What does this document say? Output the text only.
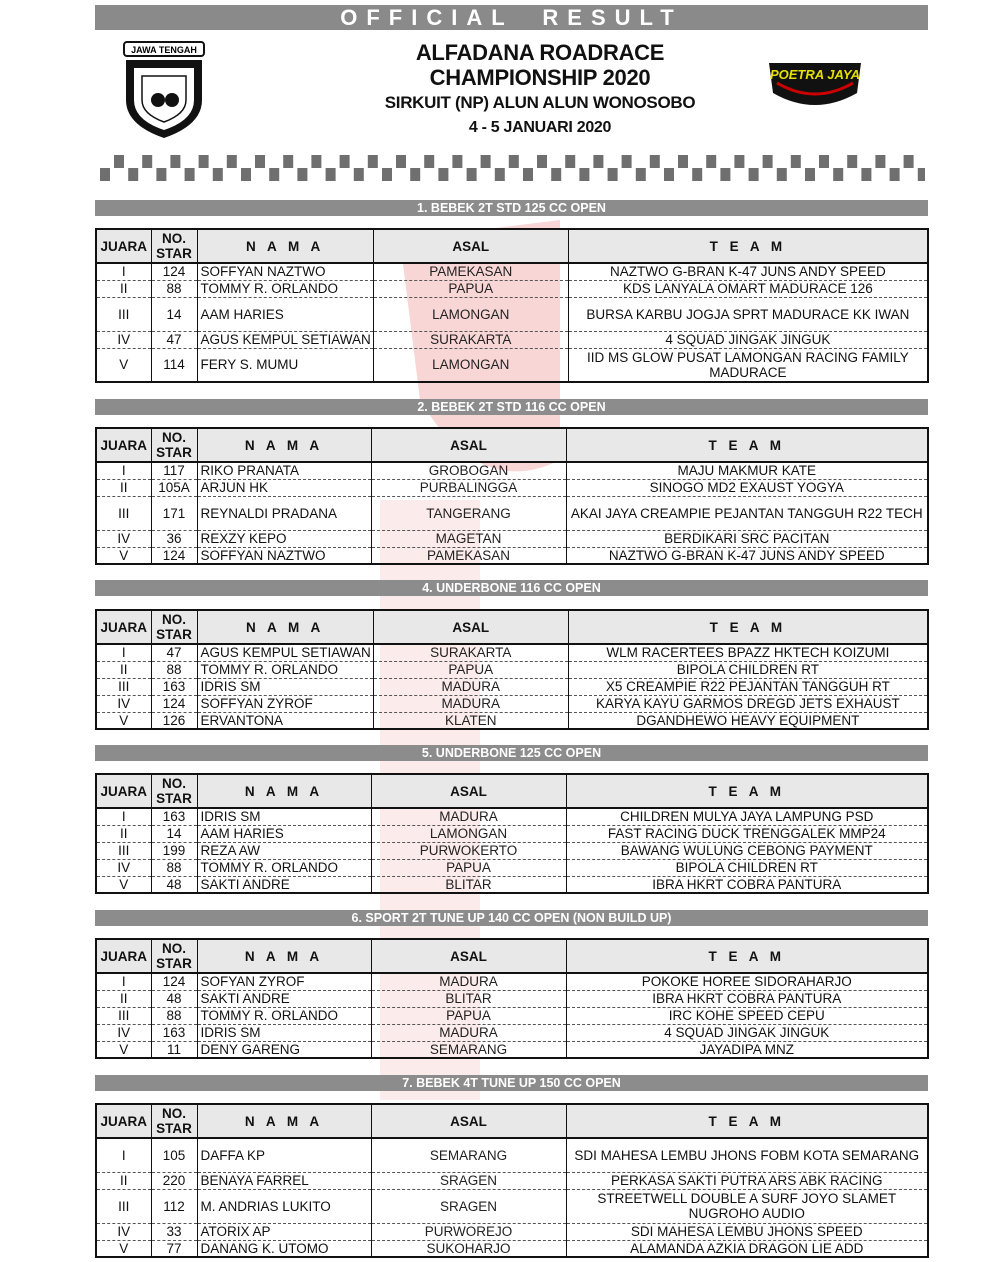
OFFICIAL RESULT
JAWA TENGAH	ALFADANA ROADRACE
CHAMPIONSHIP 2020
SIRKUIT (NP) ALUN ALUN WONOSOBO
4 - 5 JANUARI 2020
POETRA JAYA
1. BEBEK 2T STD 125 CC OPEN
JUARA	NO. STAR	N A M A	ASAL	T E A M
I	124	SOFFYAN NAZTWO	PAMEKASAN	NAZTWO G-BRAN K-47 JUNS ANDY SPEED
II	88	TOMMY R. ORLANDO	PAPUA	KDS LANYALA OMART MADURACE 126
III	14	AAM HARIES	LAMONGAN	BURSA KARBU JOGJA SPRT MADURACE KK IWAN
IV	47	AGUS KEMPUL SETIAWAN	SURAKARTA	4 SQUAD JINGAK JINGUK
V	114	FERY S. MUMU	LAMONGAN	IID MS GLOW PUSAT LAMONGAN RACING FAMILY MADURACE
2. BEBEK 2T STD 116 CC OPEN
JUARA	NO. STAR	N A M A	ASAL	T E A M
I	117	RIKO PRANATA	GROBOGAN	MAJU MAKMUR KATE
II	105A	ARJUN HK	PURBALINGGA	SINOGO MD2 EXAUST YOGYA
III	171	REYNALDI PRADANA	TANGERANG	AKAI JAYA CREAMPIE PEJANTAN TANGGUH R22 TECH
IV	36	REXZY KEPO	MAGETAN	BERDIKARI SRC PACITAN
V	124	SOFFYAN NAZTWO	PAMEKASAN	NAZTWO G-BRAN K-47 JUNS ANDY SPEED
4. UNDERBONE 116 CC OPEN
JUARA	NO. STAR	N A M A	ASAL	T E A M
I	47	AGUS KEMPUL SETIAWAN	SURAKARTA	WLM RACERTEES BPAZZ HKTECH KOIZUMI
II	88	TOMMY R. ORLANDO	PAPUA	BIPOLA CHILDREN RT
III	163	IDRIS SM	MADURA	X5 CREAMPIE R22 PEJANTAN TANGGUH RT
IV	124	SOFFYAN ZYROF	MADURA	KARYA KAYU GARMOS DREGD JETS EXHAUST
V	126	ERVANTONA	KLATEN	DGANDHEWO HEAVY EQUIPMENT
5. UNDERBONE 125 CC OPEN
JUARA	NO. STAR	N A M A	ASAL	T E A M
I	163	IDRIS SM	MADURA	CHILDREN MULYA JAYA LAMPUNG PSD
II	14	AAM HARIES	LAMONGAN	FAST RACING DUCK TRENGGALEK MMP24
III	199	REZA AW	PURWOKERTO	BAWANG WULUNG CEBONG PAYMENT
IV	88	TOMMY R. ORLANDO	PAPUA	BIPOLA CHILDREN RT
V	48	SAKTI ANDRE	BLITAR	IBRA HKRT COBRA PANTURA
6. SPORT 2T TUNE UP 140 CC OPEN (NON BUILD UP)
JUARA	NO. STAR	N A M A	ASAL	T E A M
I	124	SOFYAN ZYROF	MADURA	POKOKE HOREE SIDORAHARJO
II	48	SAKTI ANDRE	BLITAR	IBRA HKRT COBRA PANTURA
III	88	TOMMY R. ORLANDO	PAPUA	IRC KOHE SPEED CEPU
IV	163	IDRIS SM	MADURA	4 SQUAD JINGAK JINGUK
V	11	DENY GARENG	SEMARANG	JAYADIPA MNZ
7. BEBEK 4T TUNE UP 150 CC OPEN
JUARA	NO. STAR	N A M A	ASAL	T E A M
I	105	DAFFA KP	SEMARANG	SDI MAHESA LEMBU JHONS FOBM KOTA SEMARANG
II	220	BENAYA FARREL	SRAGEN	PERKASA SAKTI PUTRA ARS ABK RACING
III	112	M. ANDRIAS LUKITO	SRAGEN	STREETWELL DOUBLE A SURF JOYO SLAMET NUGROHO AUDIO
IV	33	ATORIX AP	PURWOREJO	SDI MAHESA LEMBU JHONS SPEED
V	77	DANANG K. UTOMO	SUKOHARJO	ALAMANDA AZKIA DRAGON LIE ADD
